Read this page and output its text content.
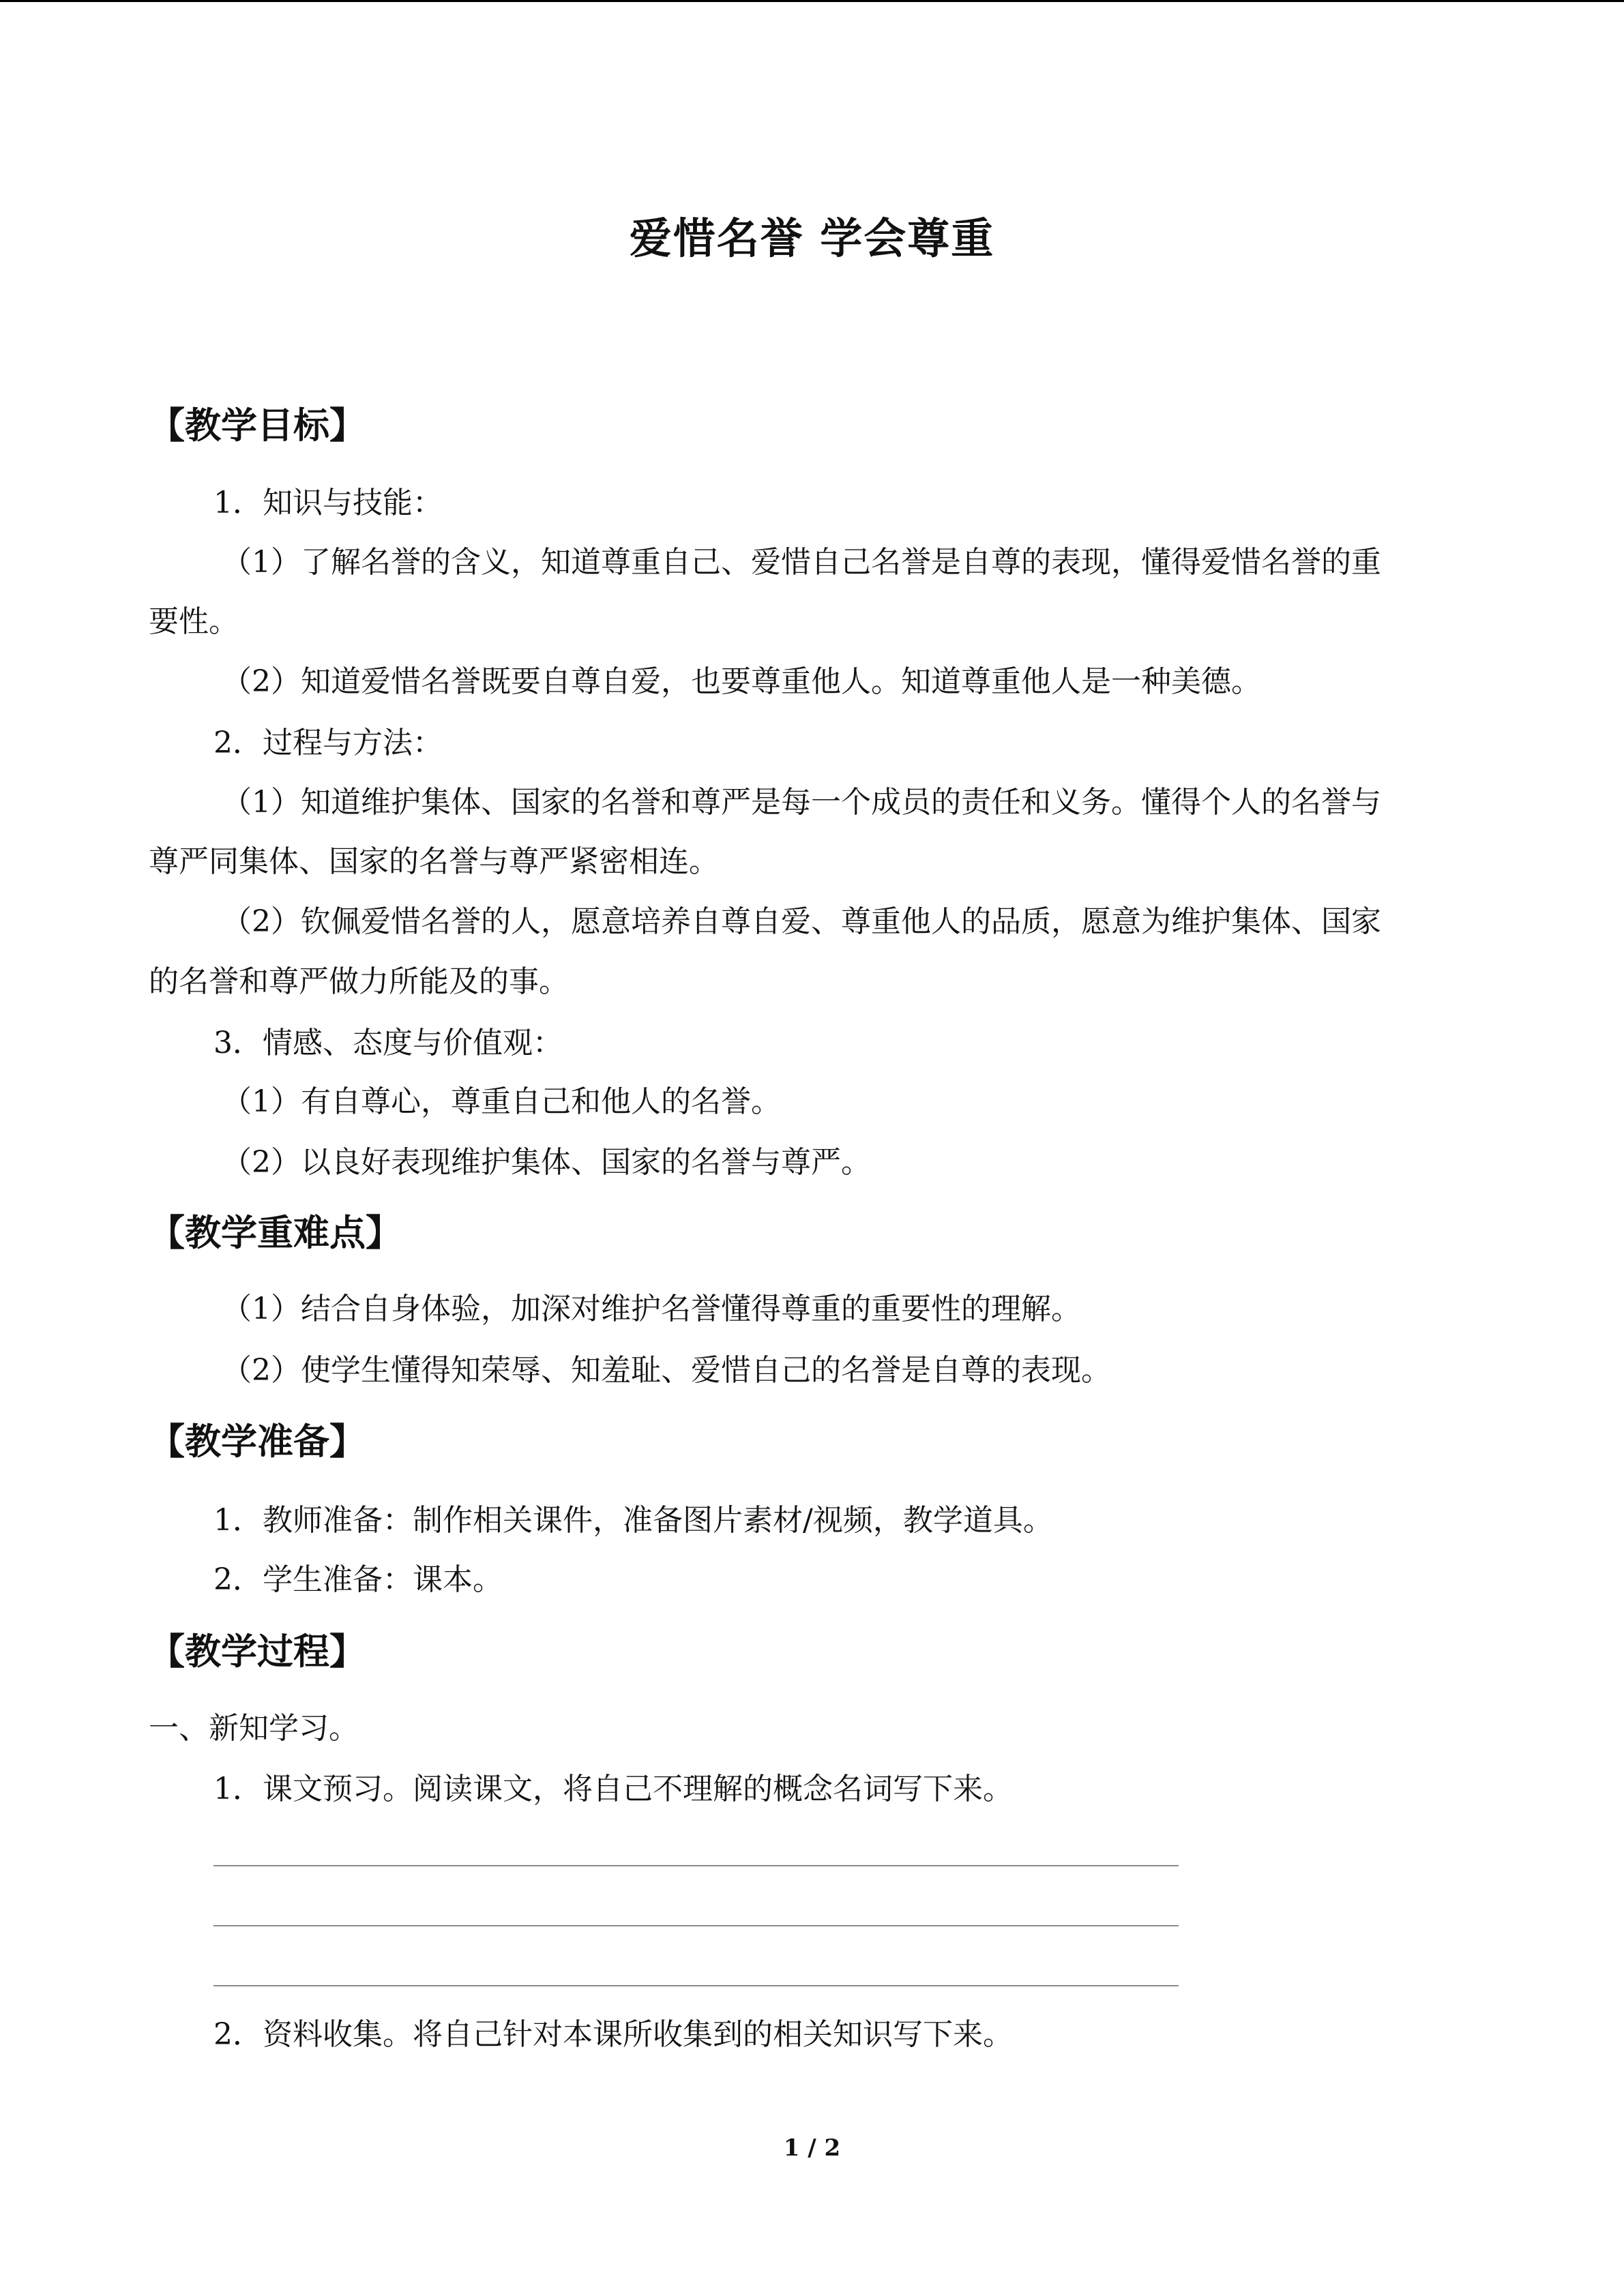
爱惜名誉 学会尊重
【教学目标】
1．知识与技能：
（1）了解名誉的含义，知道尊重自己、爱惜自己名誉是自尊的表现，懂得爱惜名誉的重
要性。
（2）知道爱惜名誉既要自尊自爱，也要尊重他人。知道尊重他人是一种美德。
2．过程与方法：
（1）知道维护集体、国家的名誉和尊严是每一个成员的责任和义务。懂得个人的名誉与
尊严同集体、国家的名誉与尊严紧密相连。
（2）钦佩爱惜名誉的人，愿意培养自尊自爱、尊重他人的品质，愿意为维护集体、国家
的名誉和尊严做力所能及的事。
3．情感、态度与价值观：
（1）有自尊心，尊重自己和他人的名誉。
（2）以良好表现维护集体、国家的名誉与尊严。
【教学重难点】
（1）结合自身体验，加深对维护名誉懂得尊重的重要性的理解。
（2）使学生懂得知荣辱、知羞耻、爱惜自己的名誉是自尊的表现。
【教学准备】
1．教师准备：制作相关课件，准备图片素材/视频，教学道具。
2．学生准备：课本。
【教学过程】
一、新知学习。
1．课文预习。阅读课文，将自己不理解的概念名词写下来。
2．资料收集。将自己针对本课所收集到的相关知识写下来。
1 / 2
